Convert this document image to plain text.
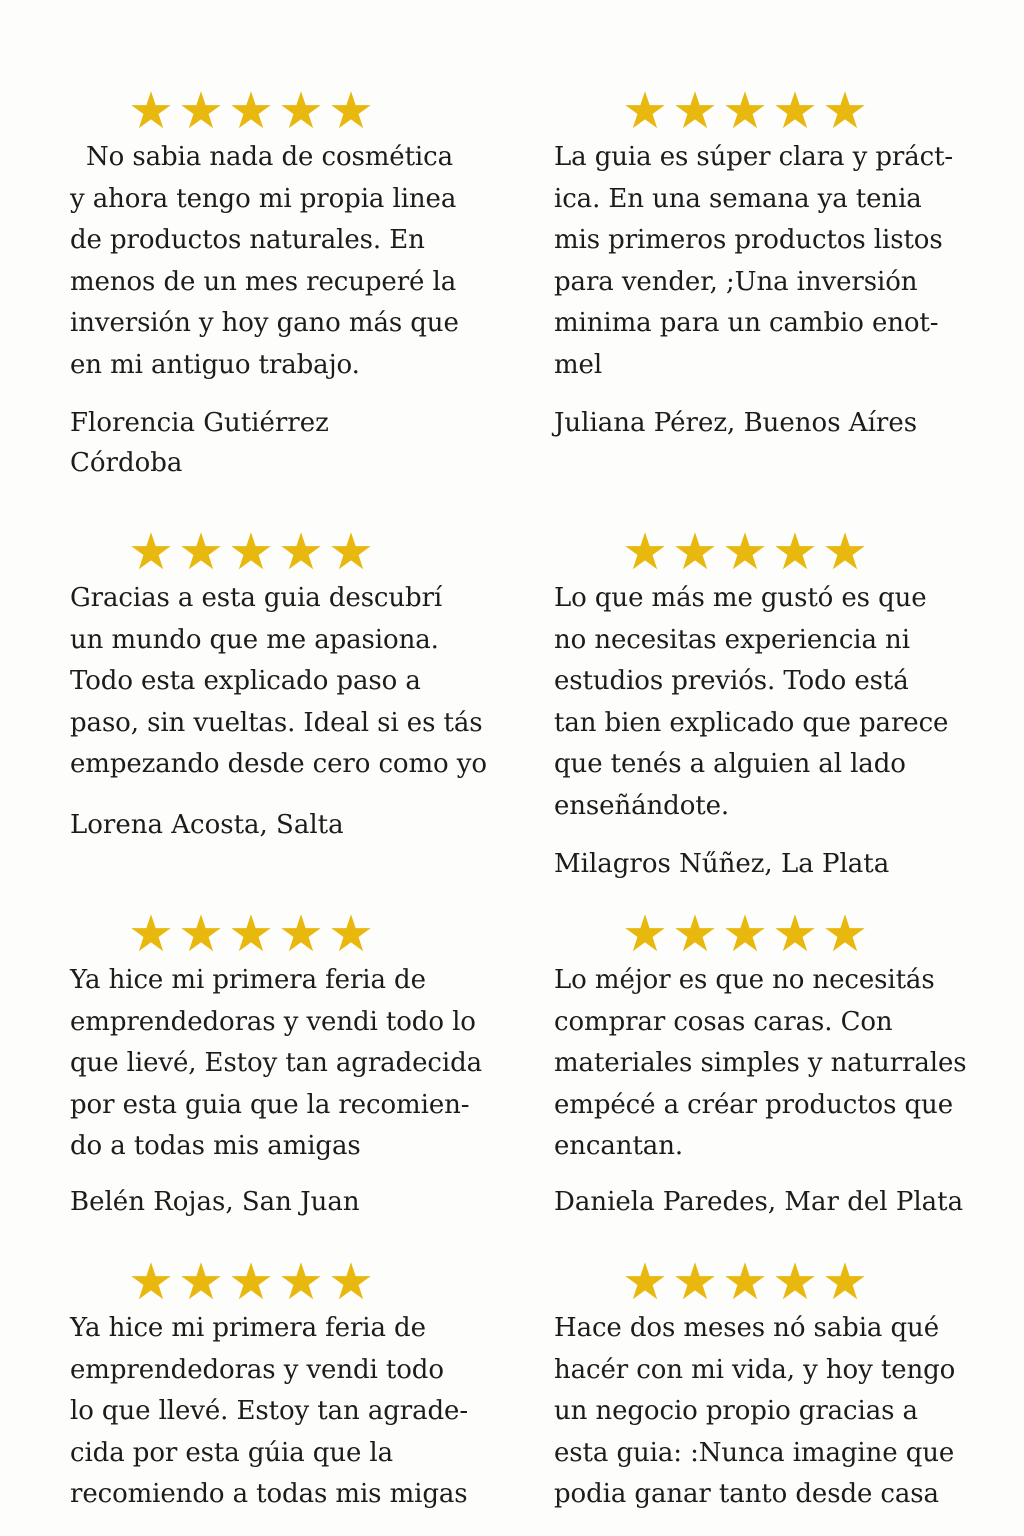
No sabia nada de cosmética
y ahora tengo mi propia linea
de productos naturales. En
menos de un mes recuperé la
inversión y hoy gano más que
en mi antiguo trabajo.

Florencia Gutiérrez
Córdoba

La guia es súper clara y práct-
ica. En una semana ya tenia
mis primeros productos listos
para vender, ;Una inversión
minima para un cambio enot-
mel

Juliana Pérez, Buenos Aíres

Gracias a esta guia descubrí
un mundo que me apasiona.
Todo esta explicado paso a
paso, sin vueltas. Ideal si es tás
empezando desde cero como yo

Lorena Acosta, Salta

Lo que más me gustó es que
no necesitas experiencia ni
estudios previós. Todo está
tan bien explicado que parece
que tenés a alguien al lado
enseñándote.

Milagros Nűñez, La Plata

Ya hice mi primera feria de
emprendedoras y vendi todo lo
que lievé, Estoy tan agradecida
por esta guia que la recomien-
do a todas mis amigas

Belén Rojas, San Juan

Lo méjor es que no necesitás
comprar cosas caras. Con
materiales simples y naturrales
empécé a créar productos que
encantan.

Daniela Paredes, Mar del Plata

Ya hice mi primera feria de
emprendedoras y vendi todo
lo que llevé. Estoy tan agrade-
cida por esta gúia que la
recomiendo a todas mis migas

Hace dos meses nó sabia qué
hacér con mi vida, y hoy tengo
un negocio propio gracias a
esta guia: :Nunca imagine que
podia ganar tanto desde casa
